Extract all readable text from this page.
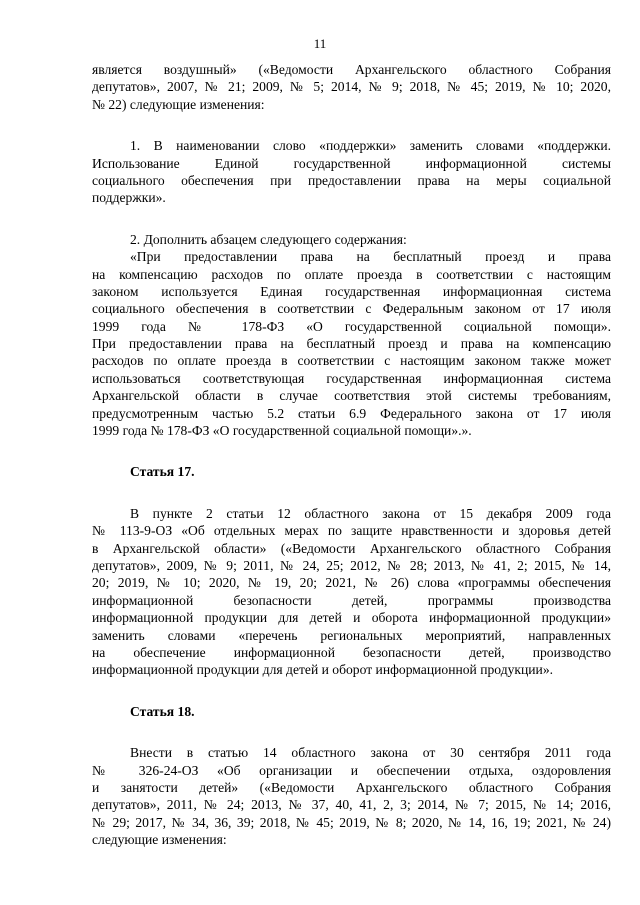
11
является воздушный» («Ведомости Архангельского областного Собрания
депутатов», 2007, № 21; 2009, № 5; 2014, № 9; 2018, № 45; 2019, № 10; 2020,
№ 22) следующие изменения:
1. В наименовании слово «поддержки» заменить словами «поддержки.
Использование Единой государственной информационной системы
социального обеспечения при предоставлении права на меры социальной
поддержки».
2. Дополнить абзацем следующего содержания:
«При предоставлении права на бесплатный проезд и права
на компенсацию расходов по оплате проезда в соответствии с настоящим
законом используется Единая государственная информационная система
социального обеспечения в соответствии с Федеральным законом от 17 июля
1999 года № 178-ФЗ «О государственной социальной помощи».
При предоставлении права на бесплатный проезд и права на компенсацию
расходов по оплате проезда в соответствии с настоящим законом также может
использоваться соответствующая государственная информационная система
Архангельской области в случае соответствия этой системы требованиям,
предусмотренным частью 5.2 статьи 6.9 Федерального закона от 17 июля
1999 года № 178-ФЗ «О государственной социальной помощи».».
Статья 17.
В пункте 2 статьи 12 областного закона от 15 декабря 2009 года
№ 113-9-ОЗ «Об отдельных мерах по защите нравственности и здоровья детей
в Архангельской области» («Ведомости Архангельского областного Собрания
депутатов», 2009, № 9; 2011, № 24, 25; 2012, № 28; 2013, № 41, 2; 2015, № 14,
20; 2019, № 10; 2020, № 19, 20; 2021, № 26) слова «программы обеспечения
информационной безопасности детей, программы производства
информационной продукции для детей и оборота информационной продукции»
заменить словами «перечень региональных мероприятий, направленных
на обеспечение информационной безопасности детей, производство
информационной продукции для детей и оборот информационной продукции».
Статья 18.
Внести в статью 14 областного закона от 30 сентября 2011 года
№ 326-24-ОЗ «Об организации и обеспечении отдыха, оздоровления
и занятости детей» («Ведомости Архангельского областного Собрания
депутатов», 2011, № 24; 2013, № 37, 40, 41, 2, 3; 2014, № 7; 2015, № 14; 2016,
№ 29; 2017, № 34, 36, 39; 2018, № 45; 2019, № 8; 2020, № 14, 16, 19; 2021, № 24)
следующие изменения:
